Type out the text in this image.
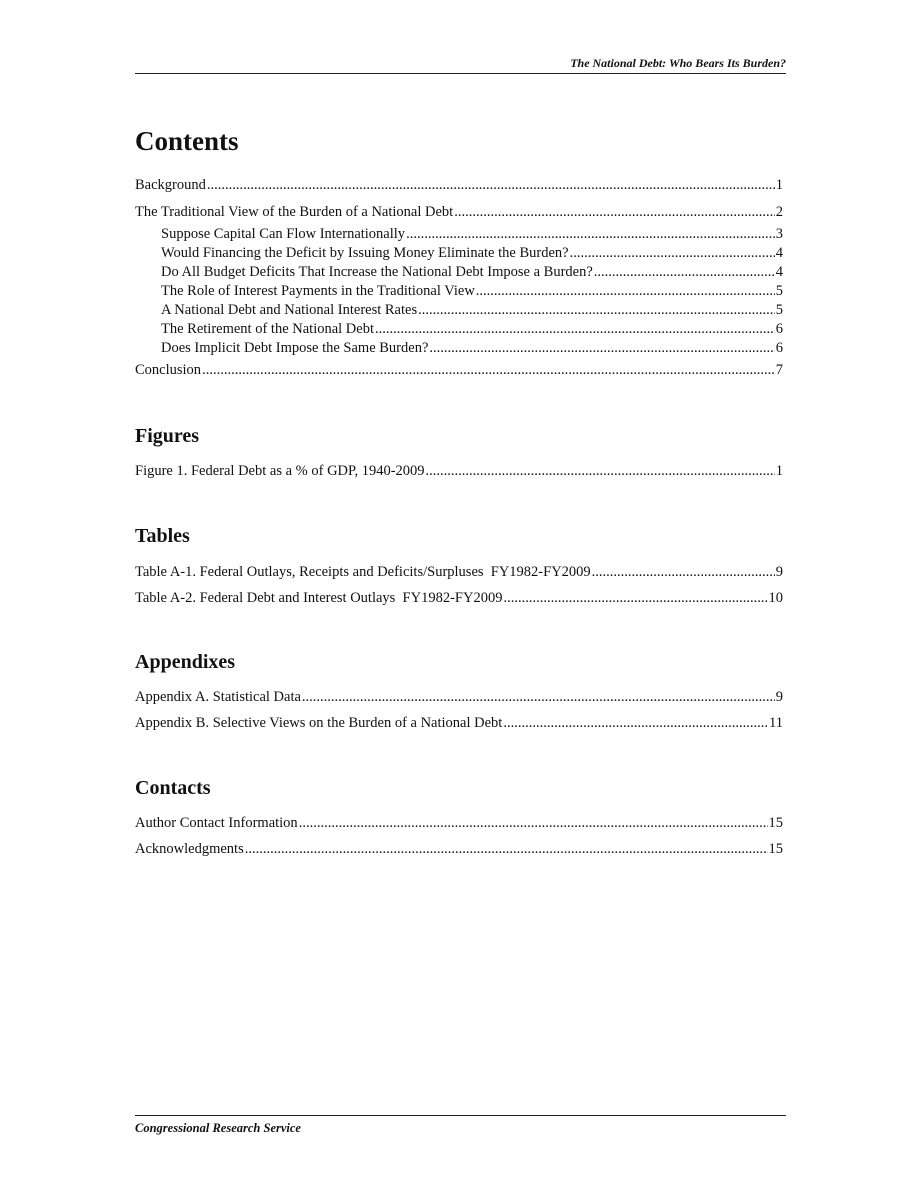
The National Debt: Who Bears Its Burden?
Contents
Background .....	1
The Traditional View of the Burden of a National Debt .....	2
Suppose Capital Can Flow Internationally .....	3
Would Financing the Deficit by Issuing Money Eliminate the Burden? .....	4
Do All Budget Deficits That Increase the National Debt Impose a Burden? .....	4
The Role of Interest Payments in the Traditional View .....	5
A National Debt and National Interest Rates .....	5
The Retirement of the National Debt .....	6
Does Implicit Debt Impose the Same Burden? .....	6
Conclusion .....	7
Figures
Figure 1. Federal Debt as a % of GDP, 1940-2009 .....	1
Tables
Table A-1. Federal Outlays, Receipts and Deficits/Surpluses  FY1982-FY2009 .....	9
Table A-2. Federal Debt and Interest Outlays  FY1982-FY2009 .....	10
Appendixes
Appendix A. Statistical Data .....	9
Appendix B. Selective Views on the Burden of a National Debt .....	11
Contacts
Author Contact Information .....	15
Acknowledgments .....	15
Congressional Research Service
